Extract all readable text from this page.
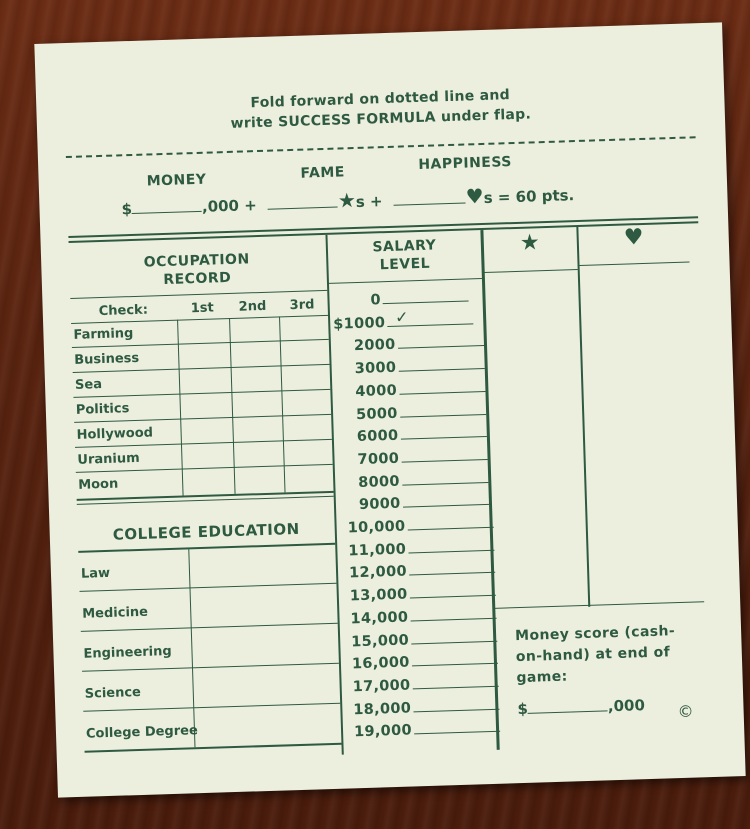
Fold forward on dotted line and
write SUCCESS FORMULA under flap.
MONEY	FAME
HAPPINESS
$	,000 +	★s +	♥s = 60 pts.
OCCUPATION
RECORD
Check:	1st 2nd 3rd
Farming
Business
Sea
Politics
Hollywood
Uranium
Moon
COLLEGE EDUCATION
Law
Medicine
Engineering
Science
College Degree
SALARY
LEVEL
0
$1000 ✓
2000
3000
4000
5000
6000
7000
8000
9000
10,000
11,000
12,000
13,000
14,000
15,000
16,000
17,000
18,000
19,000
★	♥
Money score (cash-
on-hand) at end of
game:
$	,000 ©
